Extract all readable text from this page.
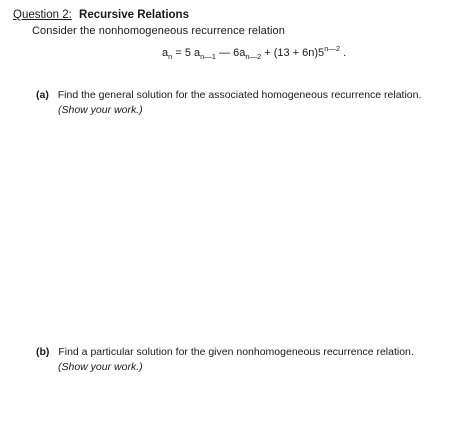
Question 2: Recursive Relations
Consider the nonhomogeneous recurrence relation
$a_n = 5$ $a_{n—1}$ — $6a_{n—2} + (13 + 6n)5^{n—2}$ .
(a) Find the general solution for the associated homogeneous recurrence relation.
(Show your work.)
(b) Find a particular solution for the given nonhomogeneous recurrence relation.
(Show your work.)
